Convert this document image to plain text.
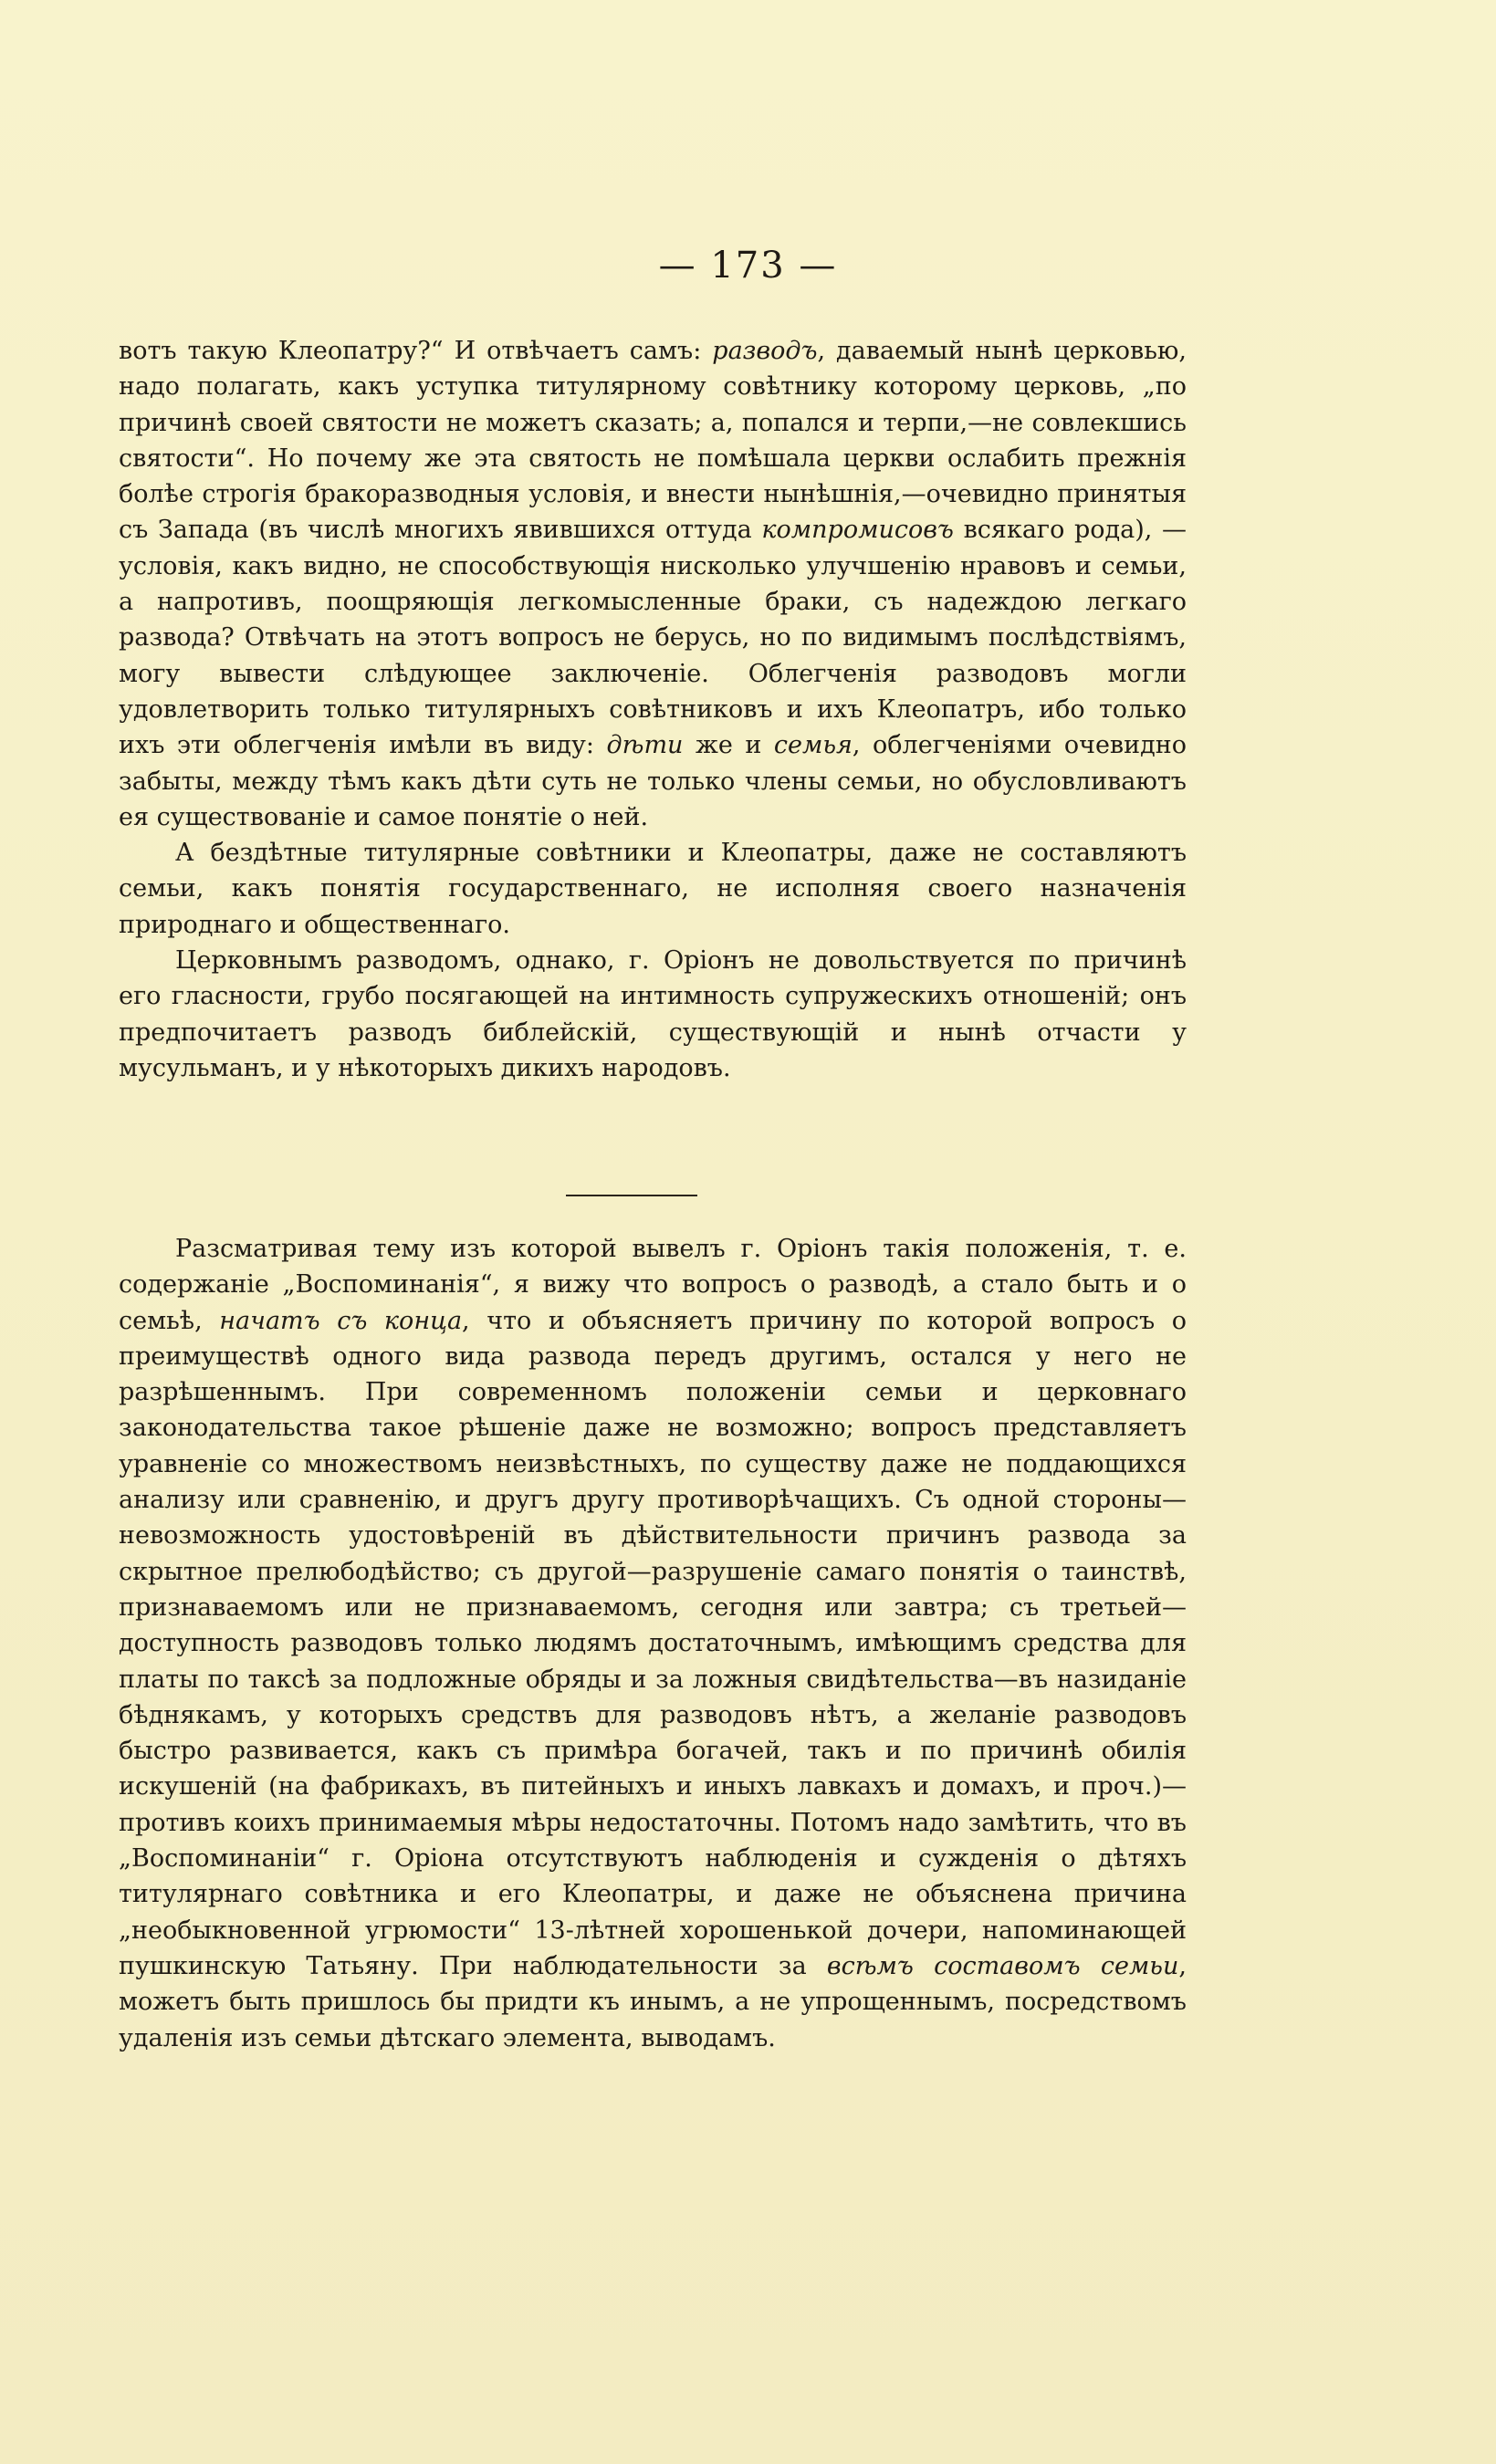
— 173 —

вотъ такую Клеопатру?“ И отвѣчаетъ самъ: разводъ, даваемый нынѣ церковью, надо полагать, какъ уступка титулярному совѣтнику которому церковь, „по причинѣ своей святости не можетъ сказать; а, попался и терпи,—не совлекшись святости“. Но почему же эта святость не помѣшала церкви ослабить прежнія болѣе строгія бракоразводныя условія, и внести нынѣшнія,—очевидно принятыя съ Запада (въ числѣ многихъ явившихся оттуда компромисовъ всякаго рода), — условія, какъ видно, не способствующія нисколько улучшенію нравовъ и семьи, а напротивъ, поощряющія легкомысленные браки, съ надеждою легкаго развода? Отвѣчать на этотъ вопросъ не берусь, но по видимымъ послѣдствіямъ, могу вывести слѣдующее заключеніе. Облегченія разводовъ могли удовлетворить только титулярныхъ совѣтниковъ и ихъ Клеопатръ, ибо только ихъ эти облегченія имѣли въ виду: дѣти же и семья, облегченіями очевидно забыты, между тѣмъ какъ дѣти суть не только члены семьи, но обусловливаютъ ея существованіе и самое понятіе о ней.

А бездѣтные титулярные совѣтники и Клеопатры, даже не составляютъ семьи, какъ понятія государственнаго, не исполняя своего назначенія природнаго и общественнаго.

Церковнымъ разводомъ, однако, г. Оріонъ не довольствуется по причинѣ его гласности, грубо посягающей на интимность супружескихъ отношеній; онъ предпочитаетъ разводъ библейскій, существующій и нынѣ отчасти у мусульманъ, и у нѣкоторыхъ дикихъ народовъ.

Разсматривая тему изъ которой вывелъ г. Оріонъ такія положенія, т. е. содержаніе „Воспоминанія“, я вижу что вопросъ о разводѣ, а стало быть и о семьѣ, начатъ съ конца, что и объясняетъ причину по которой вопросъ о преимуществѣ одного вида развода передъ другимъ, остался у него не разрѣшеннымъ. При современномъ положеніи семьи и церковнаго законодательства такое рѣшеніе даже не возможно; вопросъ представляетъ уравненіе со множествомъ неизвѣстныхъ, по существу даже не поддающихся анализу или сравненію, и другъ другу противорѣчащихъ. Съ одной стороны—невозможность удостовѣреній въ дѣйствительности причинъ развода за скрытное прелюбодѣйство; съ другой—разрушеніе самаго понятія о таинствѣ, признаваемомъ или не признаваемомъ, сегодня или завтра; съ третьей—доступность разводовъ только людямъ достаточнымъ, имѣющимъ средства для платы по таксѣ за подложные обряды и за ложныя свидѣтельства—въ назиданіе бѣднякамъ, у которыхъ средствъ для разводовъ нѣтъ, а желаніе разводовъ быстро развивается, какъ съ примѣра богачей, такъ и по причинѣ обилія искушеній (на фабрикахъ, въ питейныхъ и иныхъ лавкахъ и домахъ, и проч.)—противъ коихъ принимаемыя мѣры недостаточны. Потомъ надо замѣтить, что въ „Воспоминаніи“ г. Оріона отсутствуютъ наблюденія и сужденія о дѣтяхъ титулярнаго совѣтника и его Клеопатры, и даже не объяснена причина „необыкновенной угрюмости“ 13-лѣтней хорошенькой дочери, напоминающей пушкинскую Татьяну. При наблюдательности за всѣмъ составомъ семьи, можетъ быть пришлось бы придти къ инымъ, а не упрощеннымъ, посредствомъ удаленія изъ семьи дѣтскаго элемента, выводамъ.
